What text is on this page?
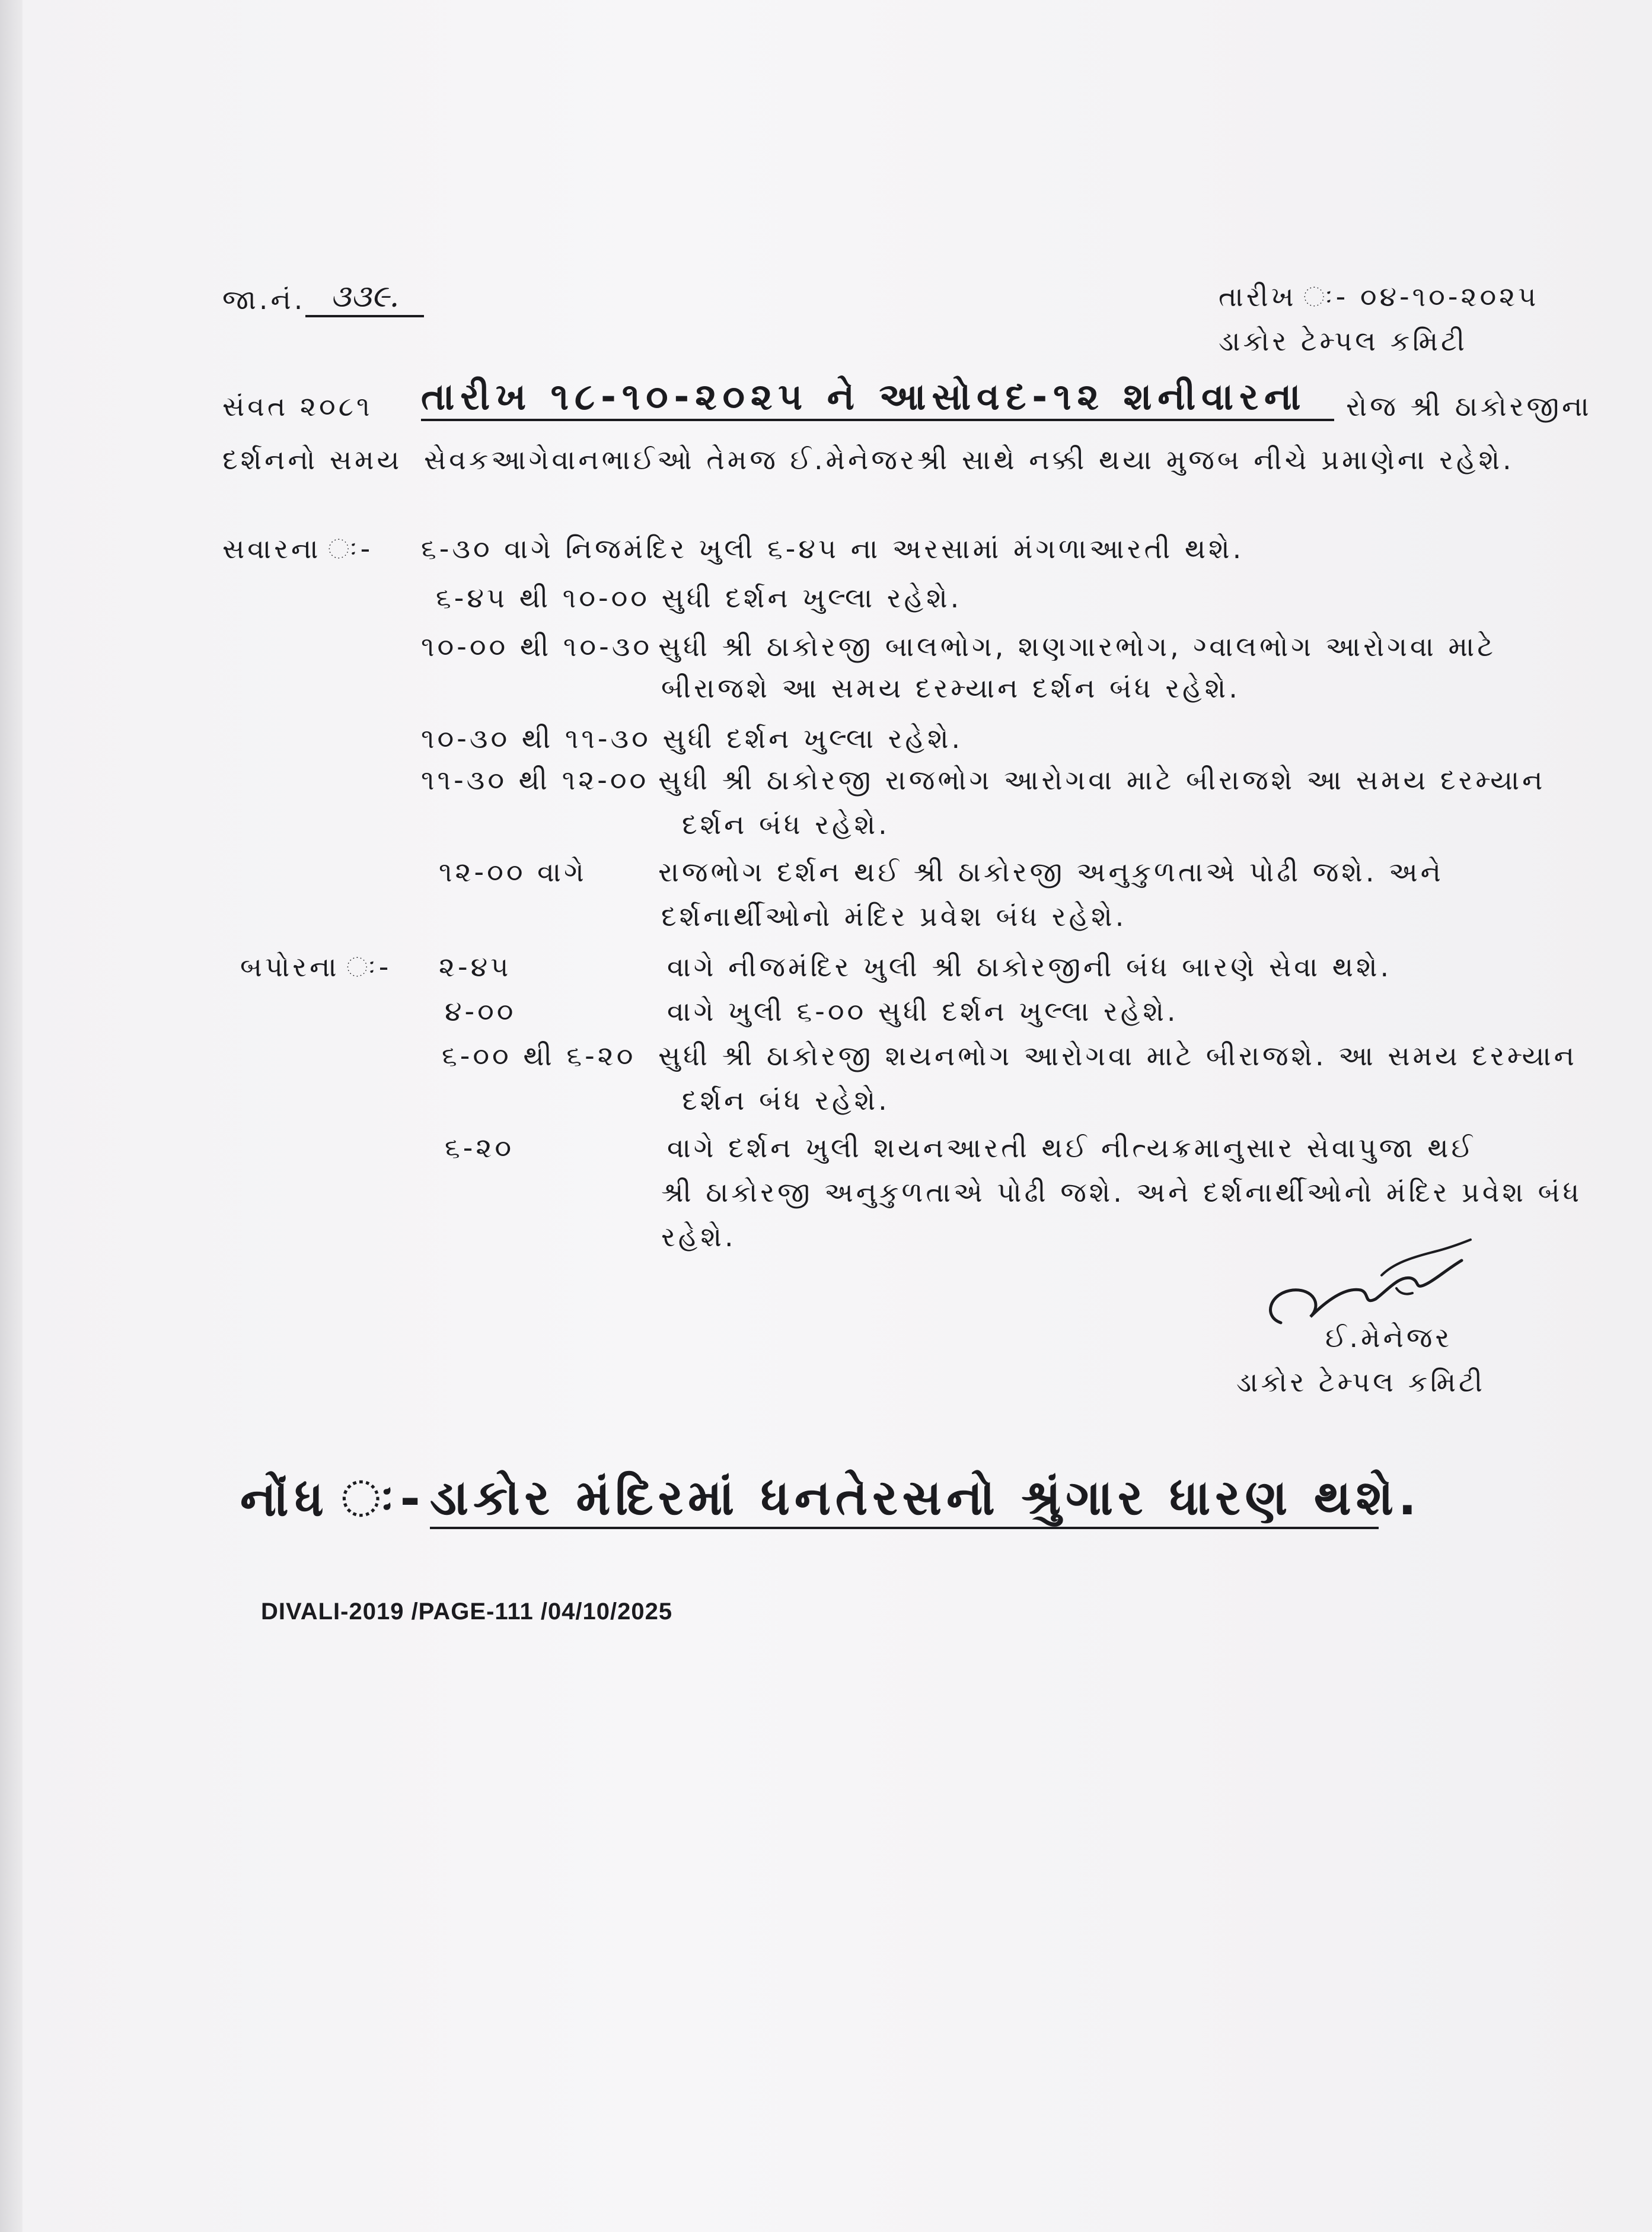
જા.નં. ૩૩૯.	તારીખ ઃ- ૦૪-૧૦-૨૦૨૫
ડાકોર ટેમ્પલ કમિટી
સંવત ૨૦૮૧ તારીખ ૧૮-૧૦-૨૦૨૫ ને આસોવદ-૧૨ શનીવારના	રોજ શ્રી ઠાકોરજીના
દર્શનનો સમય સેવકઆગેવાનભાઈઓ તેમજ ઈ.મેનેજરશ્રી સાથે નક્કી થયા મુજબ નીચે પ્રમાણેના રહેશે.
સવારના ઃ- ૬-૩૦ વાગે નિજમંદિર ખુલી ૬-૪૫ ના અરસામાં મંગળાઆરતી થશે.
૬-૪૫ થી ૧૦-૦૦ સુધી દર્શન ખુલ્લા રહેશે.
૧૦-૦૦ થી ૧૦-૩૦ સુધી શ્રી ઠાકોરજી બાલભોગ, શણગારભોગ, ગ્વાલભોગ આરોગવા માટે
બીરાજશે આ સમય દરમ્યાન દર્શન બંધ રહેશે.
૧૦-૩૦ થી ૧૧-૩૦ સુધી દર્શન ખુલ્લા રહેશે.
૧૧-૩૦ થી ૧૨-૦૦ સુધી શ્રી ઠાકોરજી રાજભોગ આરોગવા માટે બીરાજશે આ સમય દરમ્યાન
દર્શન બંધ રહેશે.
૧૨-૦૦ વાગે	રાજભોગ દર્શન થઈ શ્રી ઠાકોરજી અનુકુળતાએ પોઢી જશે. અને
દર્શનાર્થીઓનો મંદિર પ્રવેશ બંધ રહેશે.
બપોરના ઃ- ૨-૪૫	વાગે નીજમંદિર ખુલી શ્રી ઠાકોરજીની બંધ બારણે સેવા થશે.
૪-૦૦	વાગે ખુલી ૬-૦૦ સુધી દર્શન ખુલ્લા રહેશે.
૬-૦૦ થી ૬-૨૦ સુધી શ્રી ઠાકોરજી શયનભોગ આરોગવા માટે બીરાજશે. આ સમય દરમ્યાન
દર્શન બંધ રહેશે.
૬-૨૦	વાગે દર્શન ખુલી શયનઆરતી થઈ નીત્યક્રમાનુસાર સેવાપુજા થઈ
શ્રી ઠાકોરજી અનુકુળતાએ પોઢી જશે. અને દર્શનાર્થીઓનો મંદિર પ્રવેશ બંધ
રહેશે.
ઈ.મેનેજર
ડાકોર ટેમ્પલ કમિટી
નોંધ ઃ- ડાકોર મંદિરમાં ધનતેરસનો શ્રુંગાર ધારણ થશે.
DIVALI-2019 /PAGE-111 /04/10/2025
